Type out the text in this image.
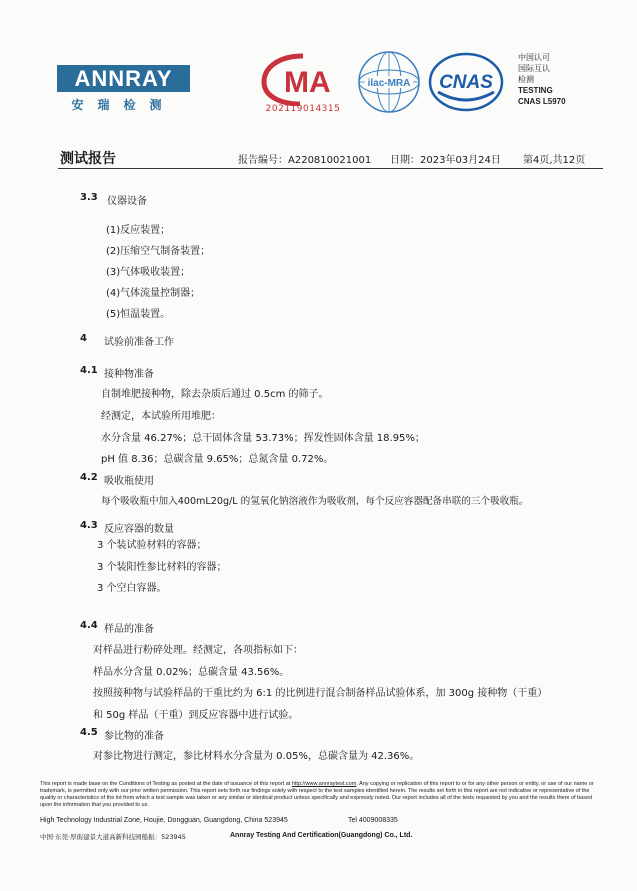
ANNRAY
安瑞检测
MA
202119014315
ilac-MRA CNAS
中国认可
国际互认
检测
TESTING
CNAS L5970
测试报告	报告编号：A220810021001 日期：2023年03月24日 第4页,共12页
3.3 仪器设备
(1)反应装置；
(2)压缩空气制备装置；
(3)气体吸收装置；
(4)气体流量控制器；
(5)恒温装置。
4 试验前准备工作
4.1 接种物准备
自制堆肥接种物，除去杂质后通过 0.5cm 的筛子。
经测定，本试验所用堆肥：
水分含量 46.27%；总干固体含量 53.73%；挥发性固体含量 18.95%；
pH 值 8.36；总碳含量 9.65%；总氮含量 0.72%。
4.2 吸收瓶使用
每个吸收瓶中加入400mL20g/L 的氢氧化钠溶液作为吸收剂，每个反应容器配备串联的三个吸收瓶。
4.3 反应容器的数量
3 个装试验材料的容器；
3 个装阳性参比材料的容器；
3 个空白容器。
4.4 样品的准备
对样品进行粉碎处理。经测定，各项指标如下：
样品水分含量 0.02%；总碳含量 43.56%。
按照接种物与试验样品的干重比约为 6:1 的比例进行混合制备样品试验体系，加 300g 接种物（干重）
和 50g 样品（干重）到反应容器中进行试验。
4.5 参比物的准备
对参比物进行测定，参比材料水分含量为 0.05%，总碳含量为 42.36%。
This report is made base on the Conditions of Testing as posted at the date of issuance of this report at http://www.annraytest.com. Any copying or replication of this report to or for any other person or entity, or use of our name or trademark, is permitted only with our prior written permission. This report sets forth our findings solely with respect to the test samples identified herein. The results set forth in this report are not indicative or representative of the quality or characteristics of the lot from which a test sample was taken or any similar or identical product unless specifically and expressly noted. Our report includes all of the tests requested by you and the results there of based upon the information that you provided to us.
High Technology Industrial Zone, Houjie, Dongguan, Guangdong, China 523945	Tel 4009008335
中国·东莞·厚街建景大道高新科技园船振：523945	Annray Testing And Certification(Guangdong) Co., Ltd.
